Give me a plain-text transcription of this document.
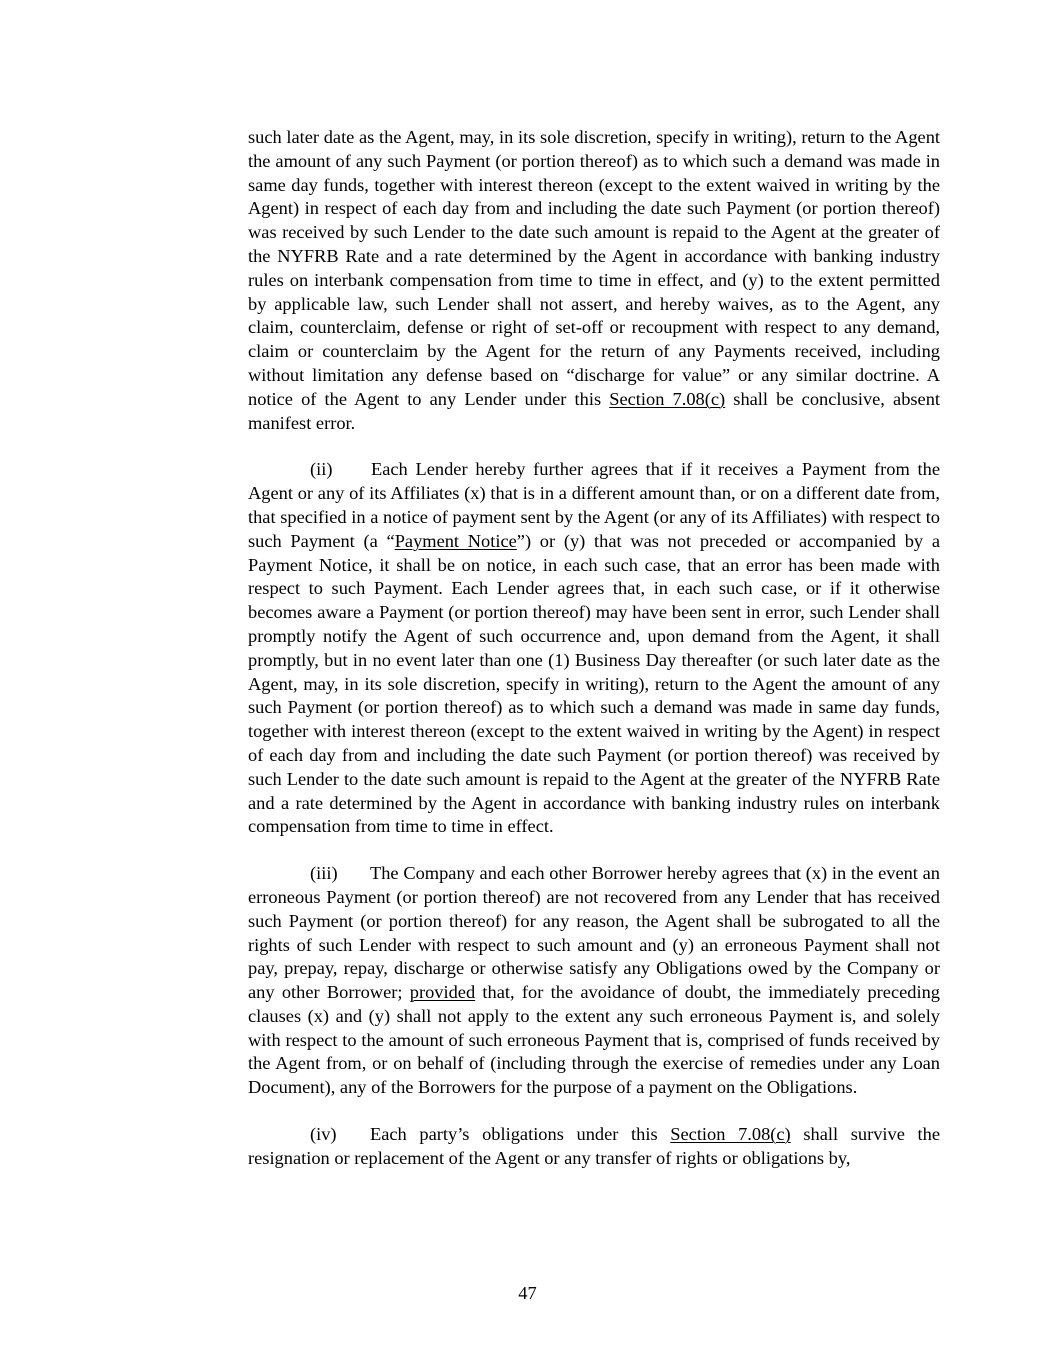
such later date as the Agent, may, in its sole discretion, specify in writing), return to the Agent the amount of any such Payment (or portion thereof) as to which such a demand was made in same day funds, together with interest thereon (except to the extent waived in writing by the Agent) in respect of each day from and including the date such Payment (or portion thereof) was received by such Lender to the date such amount is repaid to the Agent at the greater of the NYFRB Rate and a rate determined by the Agent in accordance with banking industry rules on interbank compensation from time to time in effect, and (y) to the extent permitted by applicable law, such Lender shall not assert, and hereby waives, as to the Agent, any claim, counterclaim, defense or right of set-off or recoupment with respect to any demand, claim or counterclaim by the Agent for the return of any Payments received, including without limitation any defense based on “discharge for value” or any similar doctrine. A notice of the Agent to any Lender under this Section 7.08(c) shall be conclusive, absent manifest error.

(ii) Each Lender hereby further agrees that if it receives a Payment from the Agent or any of its Affiliates (x) that is in a different amount than, or on a different date from, that specified in a notice of payment sent by the Agent (or any of its Affiliates) with respect to such Payment (a “Payment Notice”) or (y) that was not preceded or accompanied by a Payment Notice, it shall be on notice, in each such case, that an error has been made with respect to such Payment. Each Lender agrees that, in each such case, or if it otherwise becomes aware a Payment (or portion thereof) may have been sent in error, such Lender shall promptly notify the Agent of such occurrence and, upon demand from the Agent, it shall promptly, but in no event later than one (1) Business Day thereafter (or such later date as the Agent, may, in its sole discretion, specify in writing), return to the Agent the amount of any such Payment (or portion thereof) as to which such a demand was made in same day funds, together with interest thereon (except to the extent waived in writing by the Agent) in respect of each day from and including the date such Payment (or portion thereof) was received by such Lender to the date such amount is repaid to the Agent at the greater of the NYFRB Rate and a rate determined by the Agent in accordance with banking industry rules on interbank compensation from time to time in effect.

(iii) The Company and each other Borrower hereby agrees that (x) in the event an erroneous Payment (or portion thereof) are not recovered from any Lender that has received such Payment (or portion thereof) for any reason, the Agent shall be subrogated to all the rights of such Lender with respect to such amount and (y) an erroneous Payment shall not pay, prepay, repay, discharge or otherwise satisfy any Obligations owed by the Company or any other Borrower; provided that, for the avoidance of doubt, the immediately preceding clauses (x) and (y) shall not apply to the extent any such erroneous Payment is, and solely with respect to the amount of such erroneous Payment that is, comprised of funds received by the Agent from, or on behalf of (including through the exercise of remedies under any Loan Document), any of the Borrowers for the purpose of a payment on the Obligations.

(iv) Each party’s obligations under this Section 7.08(c) shall survive the resignation or replacement of the Agent or any transfer of rights or obligations by,

47
